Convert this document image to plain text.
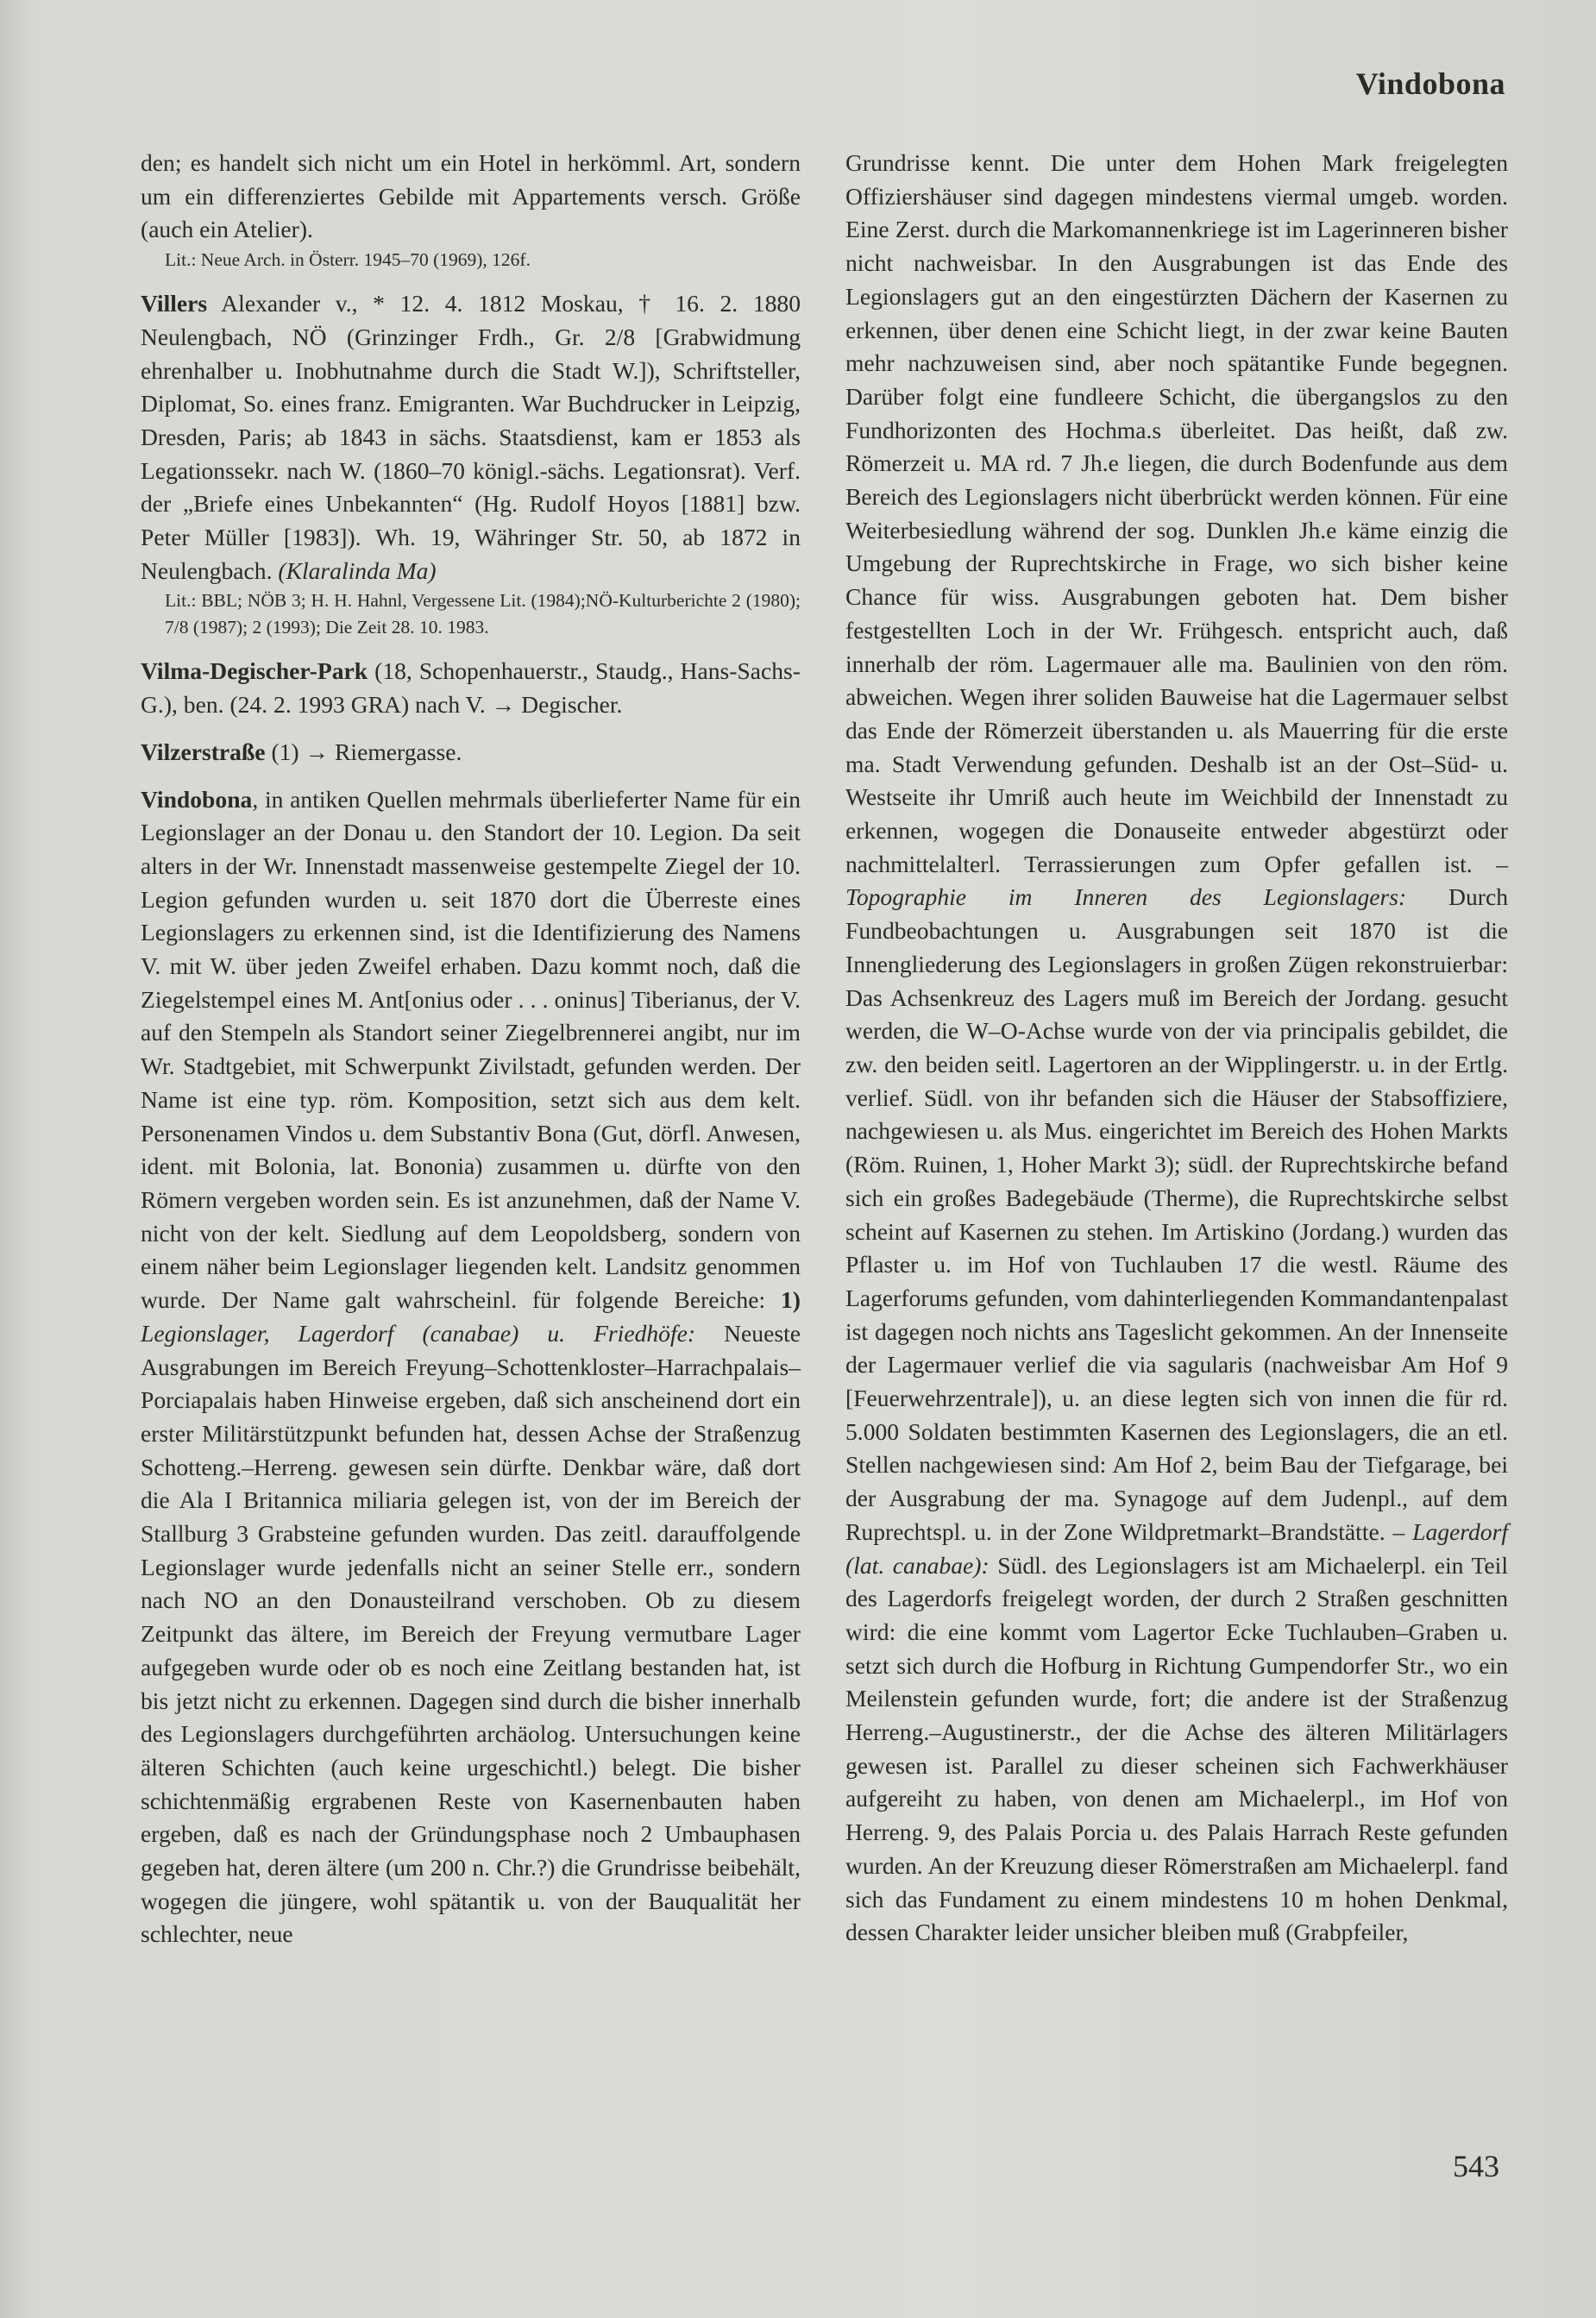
Vindobona

den; es handelt sich nicht um ein Hotel in herkömml. Art, sondern um ein differenziertes Gebilde mit Appartements versch. Größe (auch ein Atelier).

Lit.: Neue Arch. in Österr. 1945–70 (1969), 126f.

Villers Alexander v., * 12. 4. 1812 Moskau, † 16. 2. 1880 Neulengbach, NÖ (Grinzinger Frdh., Gr. 2/8 [Grabwidmung ehrenhalber u. Inobhutnahme durch die Stadt W.]), Schriftsteller, Diplomat, So. eines franz. Emigranten. War Buchdrucker in Leipzig, Dresden, Paris; ab 1843 in sächs. Staatsdienst, kam er 1853 als Legationssekr. nach W. (1860–70 königl.-sächs. Legationsrat). Verf. der „Briefe eines Unbekannten“ (Hg. Rudolf Hoyos [1881] bzw. Peter Müller [1983]). Wh. 19, Währinger Str. 50, ab 1872 in Neulengbach. (Klaralinda Ma)

Lit.: BBL; NÖB 3; H. H. Hahnl, Vergessene Lit. (1984);NÖ-Kulturberichte 2 (1980); 7/8 (1987); 2 (1993); Die Zeit 28. 10. 1983.

Vilma-Degischer-Park (18, Schopenhauerstr., Staudg., Hans-Sachs-G.), ben. (24. 2. 1993 GRA) nach V. → Degischer.

Vilzerstraße (1) → Riemergasse.

Vindobona, in antiken Quellen mehrmals überlieferter Name für ein Legionslager an der Donau u. den Standort der 10. Legion. Da seit alters in der Wr. Innenstadt massenweise gestempelte Ziegel der 10. Legion gefunden wurden u. seit 1870 dort die Überreste eines Legionslagers zu erkennen sind, ist die Identifizierung des Namens V. mit W. über jeden Zweifel erhaben. Dazu kommt noch, daß die Ziegelstempel eines M. Ant[onius oder . . . oninus] Tiberianus, der V. auf den Stempeln als Standort seiner Ziegelbrennerei angibt, nur im Wr. Stadtgebiet, mit Schwerpunkt Zivilstadt, gefunden werden. Der Name ist eine typ. röm. Komposition, setzt sich aus dem kelt. Personenamen Vindos u. dem Substantiv Bona (Gut, dörfl. Anwesen, ident. mit Bolonia, lat. Bononia) zusammen u. dürfte von den Römern vergeben worden sein. Es ist anzunehmen, daß der Name V. nicht von der kelt. Siedlung auf dem Leopoldsberg, sondern von einem näher beim Legionslager liegenden kelt. Landsitz genommen wurde. Der Name galt wahrscheinl. für folgende Bereiche: 1) Legionslager, Lagerdorf (canabae) u. Friedhöfe: Neueste Ausgrabungen im Bereich Freyung–Schottenkloster–Harrachpalais–Porciapalais haben Hinweise ergeben, daß sich anscheinend dort ein erster Militärstützpunkt befunden hat, dessen Achse der Straßenzug Schotteng.–Herreng. gewesen sein dürfte. Denkbar wäre, daß dort die Ala I Britannica miliaria gelegen ist, von der im Bereich der Stallburg 3 Grabsteine gefunden wurden. Das zeitl. darauffolgende Legionslager wurde jedenfalls nicht an seiner Stelle err., sondern nach NO an den Donausteilrand verschoben. Ob zu diesem Zeitpunkt das ältere, im Bereich der Freyung vermutbare Lager aufgegeben wurde oder ob es noch eine Zeitlang bestanden hat, ist bis jetzt nicht zu erkennen. Dagegen sind durch die bisher innerhalb des Legionslagers durchgeführten archäolog. Untersuchungen keine älteren Schichten (auch keine urgeschichtl.) belegt. Die bisher schichtenmäßig ergrabenen Reste von Kasernenbauten haben ergeben, daß es nach der Gründungsphase noch 2 Umbauphasen gegeben hat, deren ältere (um 200 n. Chr.?) die Grundrisse beibehält, wogegen die jüngere, wohl spätantik u. von der Bauqualität her schlechter, neue

Grundrisse kennt. Die unter dem Hohen Mark freigelegten Offiziershäuser sind dagegen mindestens viermal umgeb. worden. Eine Zerst. durch die Markomannenkriege ist im Lagerinneren bisher nicht nachweisbar. In den Ausgrabungen ist das Ende des Legionslagers gut an den eingestürzten Dächern der Kasernen zu erkennen, über denen eine Schicht liegt, in der zwar keine Bauten mehr nachzuweisen sind, aber noch spätantike Funde begegnen. Darüber folgt eine fundleere Schicht, die übergangslos zu den Fundhorizonten des Hochma.s überleitet. Das heißt, daß zw. Römerzeit u. MA rd. 7 Jh.e liegen, die durch Bodenfunde aus dem Bereich des Legionslagers nicht überbrückt werden können. Für eine Weiterbesiedlung während der sog. Dunklen Jh.e käme einzig die Umgebung der Ruprechtskirche in Frage, wo sich bisher keine Chance für wiss. Ausgrabungen geboten hat. Dem bisher festgestellten Loch in der Wr. Frühgesch. entspricht auch, daß innerhalb der röm. Lagermauer alle ma. Baulinien von den röm. abweichen. Wegen ihrer soliden Bauweise hat die Lagermauer selbst das Ende der Römerzeit überstanden u. als Mauerring für die erste ma. Stadt Verwendung gefunden. Deshalb ist an der Ost–Süd- u. Westseite ihr Umriß auch heute im Weichbild der Innenstadt zu erkennen, wogegen die Donauseite entweder abgestürzt oder nachmittelalterl. Terrassierungen zum Opfer gefallen ist. – Topographie im Inneren des Legionslagers: Durch Fundbeobachtungen u. Ausgrabungen seit 1870 ist die Innengliederung des Legionslagers in großen Zügen rekonstruierbar: Das Achsenkreuz des Lagers muß im Bereich der Jordang. gesucht werden, die W–O-Achse wurde von der via principalis gebildet, die zw. den beiden seitl. Lagertoren an der Wipplingerstr. u. in der Ertlg. verlief. Südl. von ihr befanden sich die Häuser der Stabsoffiziere, nachgewiesen u. als Mus. eingerichtet im Bereich des Hohen Markts (Röm. Ruinen, 1, Hoher Markt 3); südl. der Ruprechtskirche befand sich ein großes Badegebäude (Therme), die Ruprechtskirche selbst scheint auf Kasernen zu stehen. Im Artiskino (Jordang.) wurden das Pflaster u. im Hof von Tuchlauben 17 die westl. Räume des Lagerforums gefunden, vom dahinterliegenden Kommandantenpalast ist dagegen noch nichts ans Tageslicht gekommen. An der Innenseite der Lagermauer verlief die via sagularis (nachweisbar Am Hof 9 [Feuerwehrzentrale]), u. an diese legten sich von innen die für rd. 5.000 Soldaten bestimmten Kasernen des Legionslagers, die an etl. Stellen nachgewiesen sind: Am Hof 2, beim Bau der Tiefgarage, bei der Ausgrabung der ma. Synagoge auf dem Judenpl., auf dem Ruprechtspl. u. in der Zone Wildpretmarkt–Brandstätte. – Lagerdorf (lat. canabae): Südl. des Legionslagers ist am Michaelerpl. ein Teil des Lagerdorfs freigelegt worden, der durch 2 Straßen geschnitten wird: die eine kommt vom Lagertor Ecke Tuchlauben–Graben u. setzt sich durch die Hofburg in Richtung Gumpendorfer Str., wo ein Meilenstein gefunden wurde, fort; die andere ist der Straßenzug Herreng.–Augustinerstr., der die Achse des älteren Militärlagers gewesen ist. Parallel zu dieser scheinen sich Fachwerkhäuser aufgereiht zu haben, von denen am Michaelerpl., im Hof von Herreng. 9, des Palais Porcia u. des Palais Harrach Reste gefunden wurden. An der Kreuzung dieser Römerstraßen am Michaelerpl. fand sich das Fundament zu einem mindestens 10 m hohen Denkmal, dessen Charakter leider unsicher bleiben muß (Grabpfeiler,

543
